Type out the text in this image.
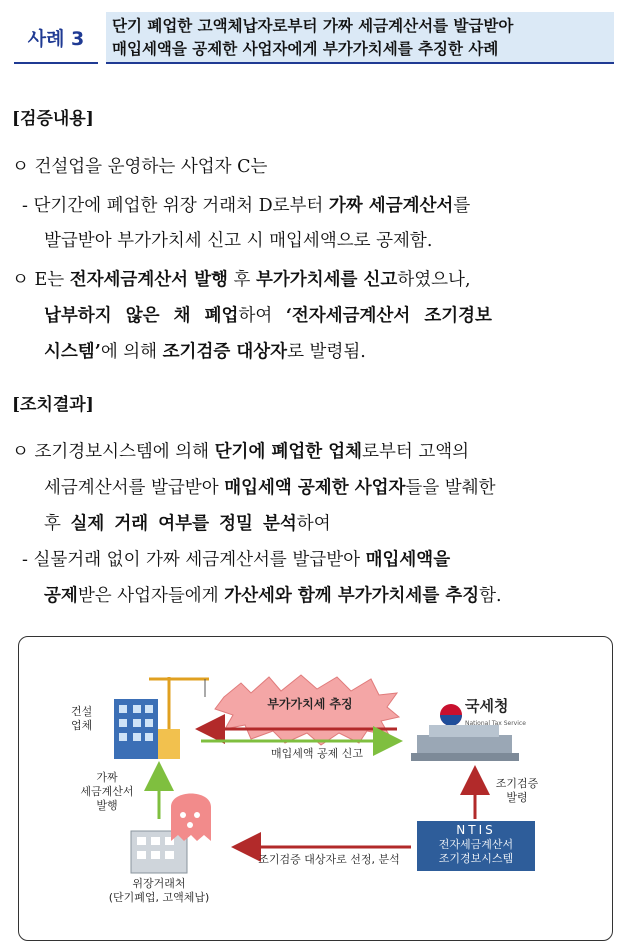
사례 3
단기 폐업한 고액체납자로부터 가짜 세금계산서를 발급받아
매입세액을 공제한 사업자에게 부가가치세를 추징한 사례
[검증내용]
ㅇ 건설업을 운영하는 사업자 C는
- 단기간에 폐업한 위장 거래처 D로부터 가짜 세금계산서를
발급받아 부가가치세 신고 시 매입세액으로 공제함.
ㅇ E는 전자세금계산서 발행 후 부가가치세를 신고하였으나,
납부하지 않은 채 폐업하여 ‘전자세금계산서 조기경보
시스템’에 의해 조기검증 대상자로 발령됨.
[조치결과]
ㅇ 조기경보시스템에 의해 단기에 폐업한 업체로부터 고액의
세금계산서를 발급받아 매입세액 공제한 사업자들을 발췌한
후 실제 거래 여부를 정밀 분석하여
- 실물거래 없이 가짜 세금계산서를 발급받아 매입세액을
공제받은 사업자들에게 가산세와 함께 부가가치세를 추징함.
건설
업체
국세청
National Tax Service
부가가치세 추징
매입세액 공제 신고
가짜
세금계산서
발행
조기검증
발령
NTIS
전자세금계산서
조기경보시스템
조기검증 대상자로 선정, 분석
위장거래처
(단기폐업, 고액체납)
